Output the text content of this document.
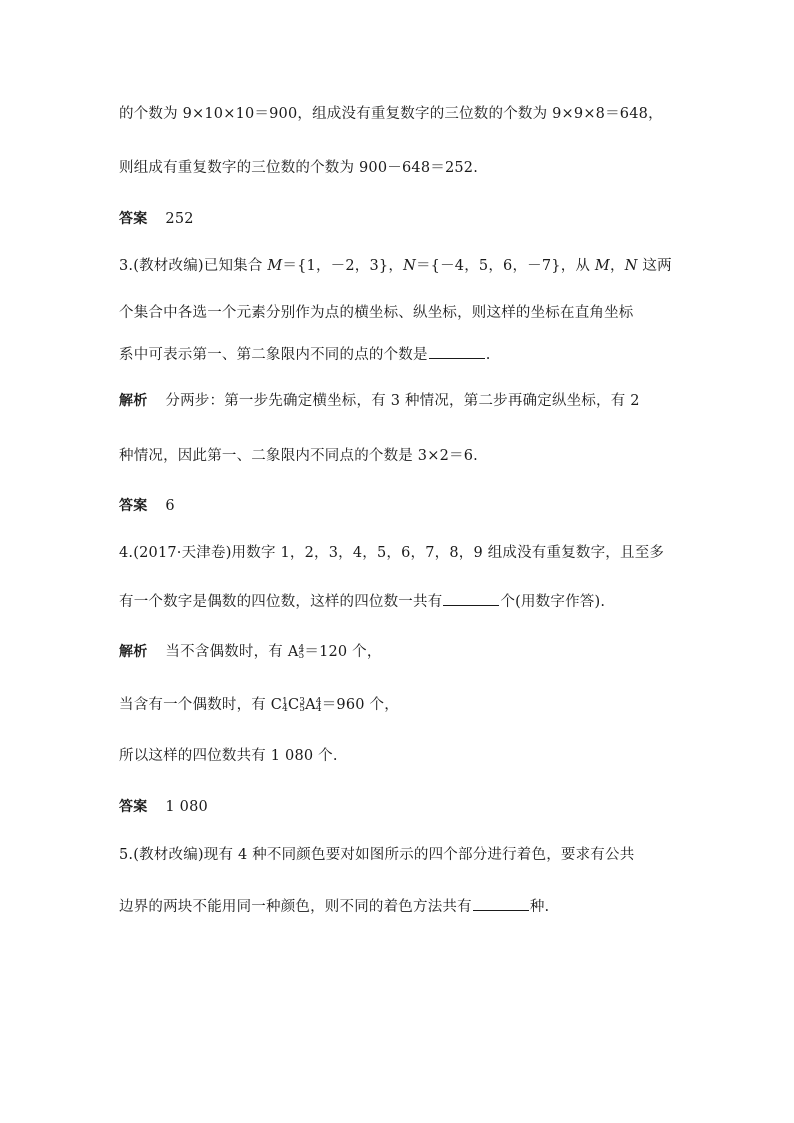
的个数为 9×10×10＝900，组成没有重复数字的三位数的个数为 9×9×8＝648，
则组成有重复数字的三位数的个数为 900－648＝252.
答案 252
3.(教材改编)已知集合 M＝{1，－2，3}，N＝{－4，5，6，－7}，从 M，N 这两
个集合中各选一个元素分别作为点的横坐标、纵坐标，则这样的坐标在直角坐标
系中可表示第一、第二象限内不同的点的个数是	.
解析 分两步：第一步先确定横坐标，有 3 种情况，第二步再确定纵坐标，有 2
种情况，因此第一、二象限内不同点的个数是 3×2＝6.
答案 6
4.(2017·天津卷)用数字 1，2，3，4，5，6，7，8，9 组成没有重复数字，且至多
有一个数字是偶数的四位数，这样的四位数一共有	个(用数字作答).
解析 当不含偶数时，有 $A_5^4=120$ 个，
当含有一个偶数时，有 $C_4^1C_5^3A_4^4=960$ 个，
所以这样的四位数共有 1 080 个.
答案 1 080
5.(教材改编)现有 4 种不同颜色要对如图所示的四个部分进行着色，要求有公共
边界的两块不能用同一种颜色，则不同的着色方法共有	种.
